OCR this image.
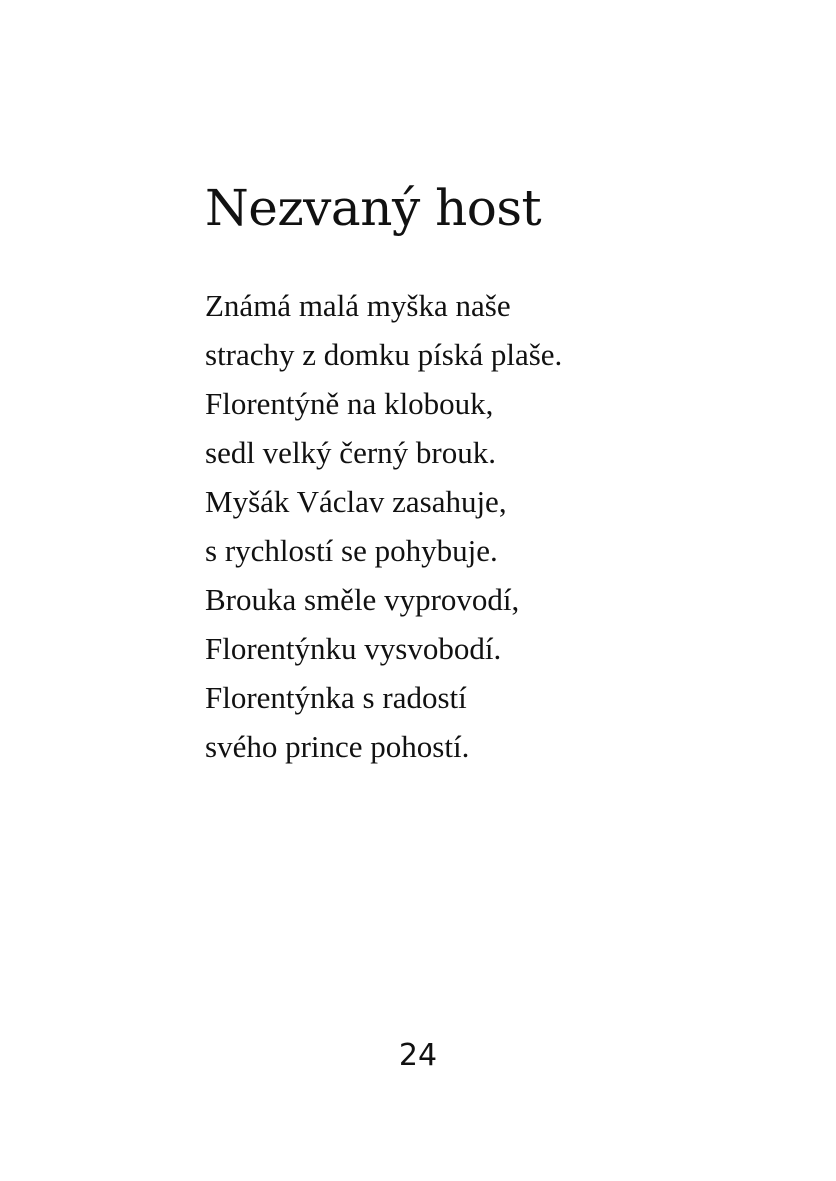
Nezvaný host
Známá malá myška naše
strachy z domku píská plaše.
Florentýně na klobouk,
sedl velký černý brouk.
Myšák Václav zasahuje,
s rychlostí se pohybuje.
Brouka směle vyprovodí,
Florentýnku vysvobodí.
Florentýnka s radostí
svého prince pohostí.
24
